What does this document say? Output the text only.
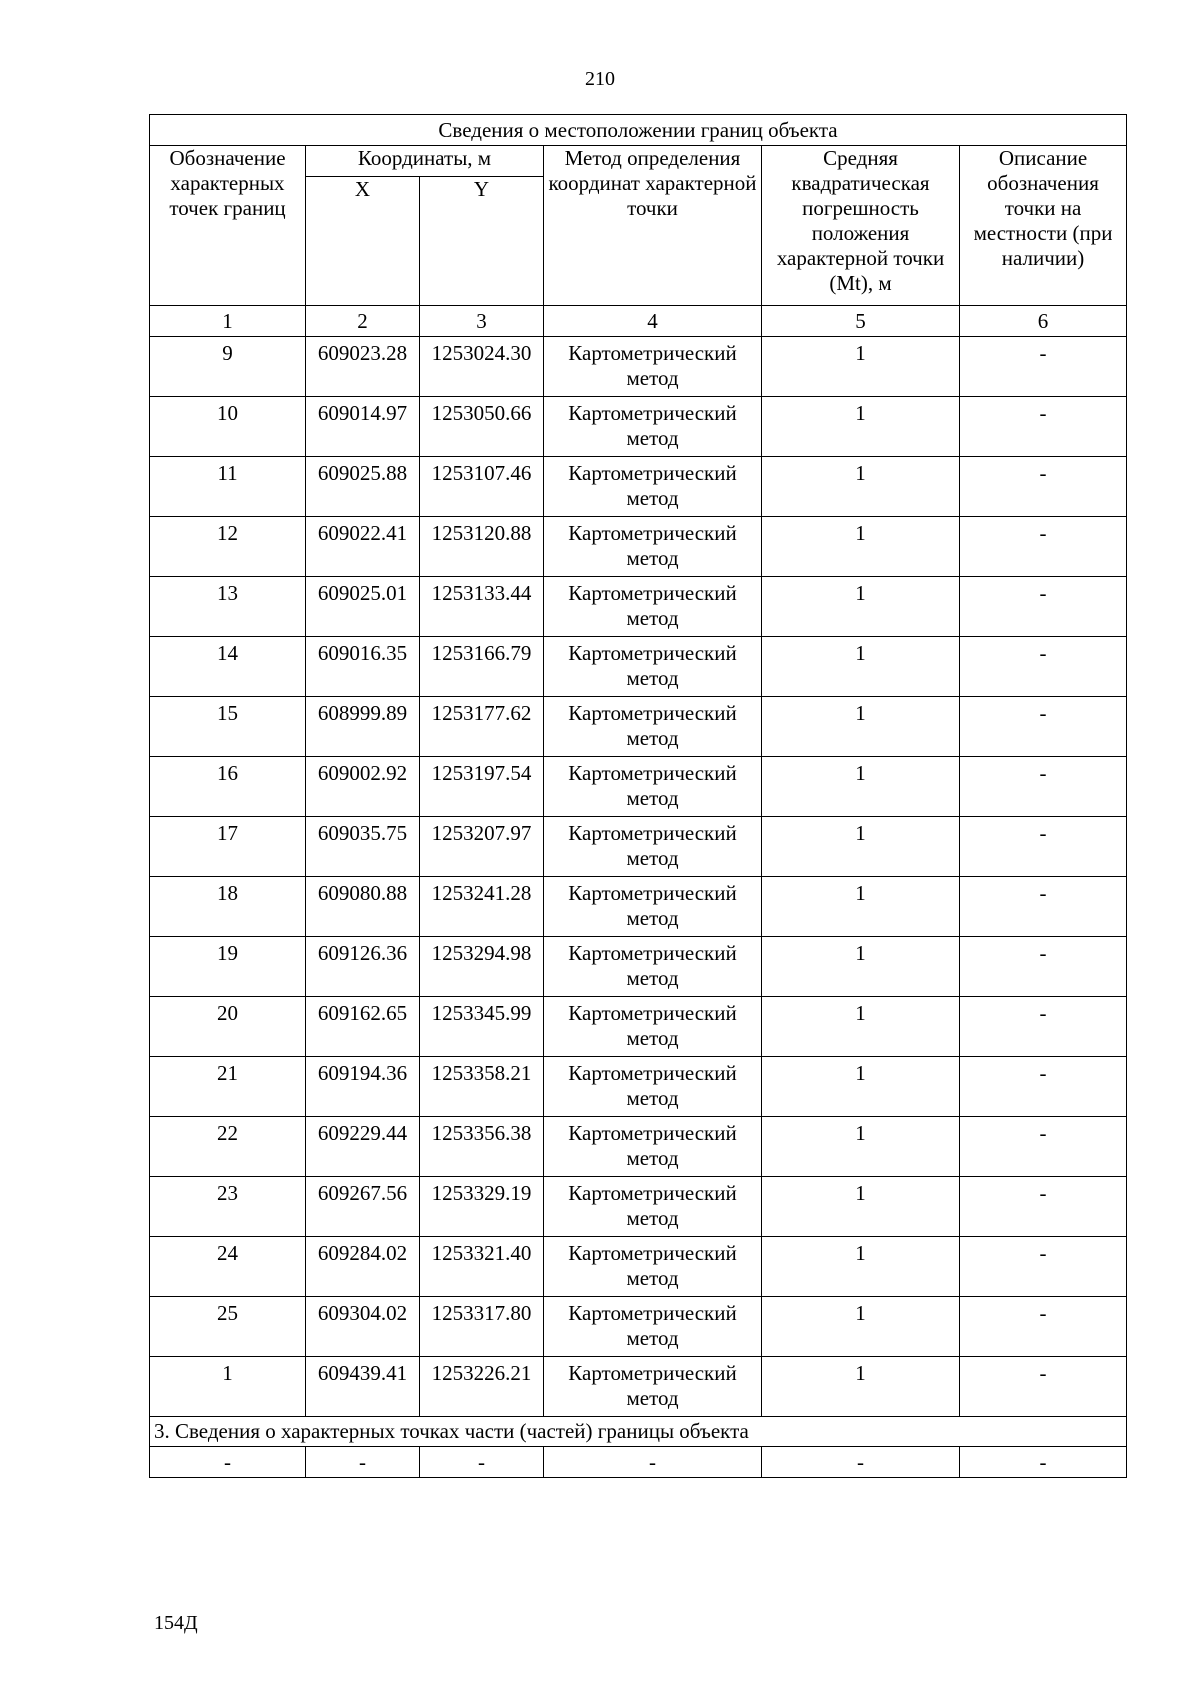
210
Сведения о местоположении границ объекта					
Обозначение характерных точек границ	Координаты, м		Метод определения координат характерной точки	Средняя квадратическая погрешность положения характерной точки (Mt), м	Описание обозначения точки на местности (при наличии)
	X	Y			
1	2	3	4	5	6
9	609023.28	1253024.30	Картометрический метод	1	-
10	609014.97	1253050.66	Картометрический метод	1	-
11	609025.88	1253107.46	Картометрический метод	1	-
12	609022.41	1253120.88	Картометрический метод	1	-
13	609025.01	1253133.44	Картометрический метод	1	-
14	609016.35	1253166.79	Картометрический метод	1	-
15	608999.89	1253177.62	Картометрический метод	1	-
16	609002.92	1253197.54	Картометрический метод	1	-
17	609035.75	1253207.97	Картометрический метод	1	-
18	609080.88	1253241.28	Картометрический метод	1	-
19	609126.36	1253294.98	Картометрический метод	1	-
20	609162.65	1253345.99	Картометрический метод	1	-
21	609194.36	1253358.21	Картометрический метод	1	-
22	609229.44	1253356.38	Картометрический метод	1	-
23	609267.56	1253329.19	Картометрический метод	1	-
24	609284.02	1253321.40	Картометрический метод	1	-
25	609304.02	1253317.80	Картометрический метод	1	-
1	609439.41	1253226.21	Картометрический метод	1	-
3. Сведения о характерных точках части (частей) границы объекта					
-	-	-	-	-	-
154Д
